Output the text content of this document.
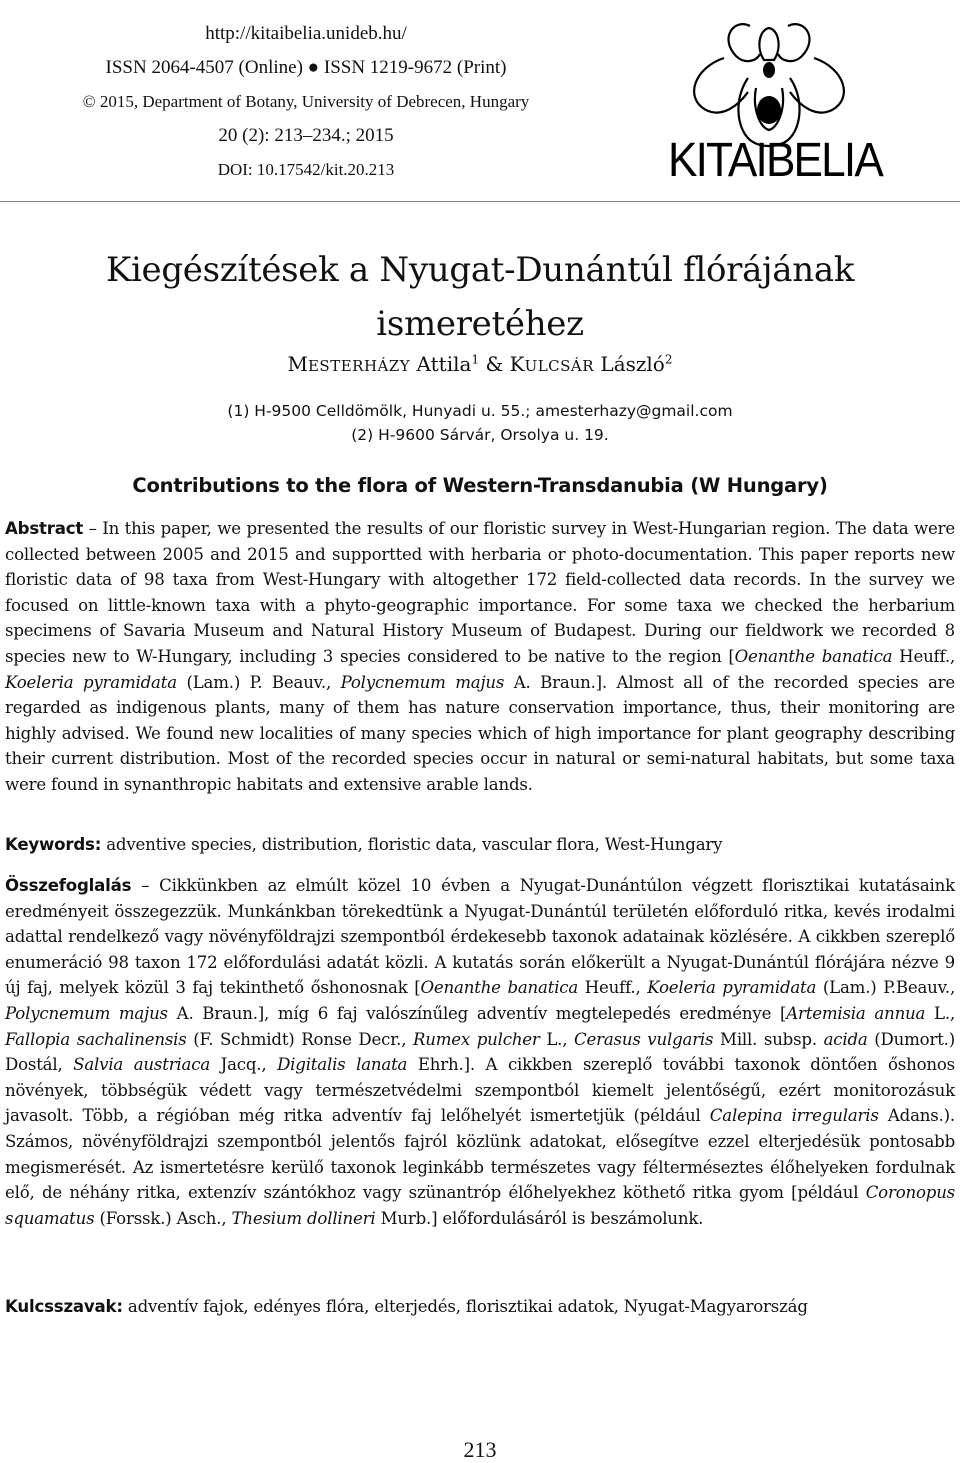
http://kitaibelia.unideb.hu/
ISSN 2064-4507 (Online) ● ISSN 1219-9672 (Print)
© 2015, Department of Botany, University of Debrecen, Hungary
20 (2): 213–234.; 2015
DOI: 10.17542/kit.20.213	KITAIBELIA
Kiegészítések a Nyugat-Dunántúl flórájának
ismeretéhez
MESTERHÁZY Attila$^1$ & KULCSÁR László$^2$
(1) H-9500 Celldömölk, Hunyadi u. 55.; amesterhazy@gmail.com
(2) H-9600 Sárvár, Orsolya u. 19.
Contributions to the flora of Western-Transdanubia (W Hungary)
Abstract – In this paper, we presented the results of our floristic survey in West-Hungarian region. The data were collected between 2005 and 2015 and supportted with herbaria or photo-documentation. This paper reports new floristic data of 98 taxa from West-Hungary with altogether 172 field-collected data records. In the survey we focused on little-known taxa with a phyto-geographic importance. For some taxa we checked the herbarium specimens of Savaria Museum and Natural History Museum of Budapest. During our fieldwork we recorded 8 species new to W-Hungary, including 3 species considered to be native to the region [Oenanthe banatica Heuff., Koeleria pyramidata (Lam.) P. Beauv., Polycnemum majus A. Braun.]. Almost all of the recorded species are regarded as indigenous plants, many of them has nature conservation importance, thus, their monitoring are highly advised. We found new localities of many species which of high importance for plant geography describing their current distribution. Most of the recorded species occur in natural or semi-natural habitats, but some taxa were found in synanthropic habitats and extensive arable lands.
Keywords: adventive species, distribution, floristic data, vascular flora, West-Hungary
Összefoglalás – Cikkünkben az elmúlt közel 10 évben a Nyugat-Dunántúlon végzett florisztikai kutatásaink eredményeit összegezzük. Munkánkban törekedtünk a Nyugat-Dunántúl területén előforduló ritka, kevés irodalmi adattal rendelkező vagy növényföldrajzi szempontból érdekesebb taxonok adatainak közlésére. A cikkben szereplő enumeráció 98 taxon 172 előfordulási adatát közli. A kutatás során előkerült a Nyugat-Dunántúl flórájára nézve 9 új faj, melyek közül 3 faj tekinthető őshonosnak [Oenanthe banatica Heuff., Koeleria pyramidata (Lam.) P.Beauv., Polycnemum majus A. Braun.], míg 6 faj valószínűleg adventív megtelepedés eredménye [Artemisia annua L., Fallopia sachalinensis (F. Schmidt) Ronse Decr., Rumex pulcher L., Cerasus vulgaris Mill. subsp. acida (Dumort.) Dostál, Salvia austriaca Jacq., Digitalis lanata Ehrh.]. A cikkben szereplő további taxonok döntően őshonos növények, többségük védett vagy természetvédelmi szempontból kiemelt jelentőségű, ezért monitorozásuk javasolt. Több, a régióban még ritka adventív faj lelőhelyét ismertetjük (például Calepina irregularis Adans.). Számos, növényföldrajzi szempontból jelentős fajról közlünk adatokat, elősegítve ezzel elterjedésük pontosabb megismerését. Az ismertetésre kerülő taxonok leginkább természetes vagy félterméseztes élőhelyeken fordulnak elő, de néhány ritka, extenzív szántókhoz vagy szünantróp élőhelyekhez köthető ritka gyom [például Coronopus squamatus (Forssk.) Asch., Thesium dollineri Murb.] előfordulásáról is beszámolunk.
Kulcsszavak: adventív fajok, edényes flóra, elterjedés, florisztikai adatok, Nyugat-Magyarország
213
